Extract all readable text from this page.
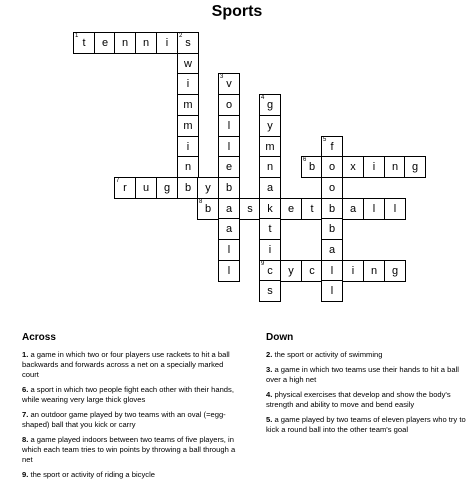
Sports
1
t	e	n	n	i
2
s
w
i
3
v
m	o
4
g
m	l	y
i	l	m
5
f
n	e	n
6
b	o	x	i	n	g
7
r	u	g	b	y	b	a	o
8
b	a	s	k	e	t	b	a	l	l
a	t	b
l	i	a
l
9
c	y	c	l	i	n	g
s	l
Across	Down
1. a game in which two or four players use rackets to hit a ball backwards and forwards across a net on a specially marked court
6. a sport in which two people fight each other with their hands, while wearing very large thick gloves
7. an outdoor game played by two teams with an oval (=egg-shaped) ball that you kick or carry
8. a game played indoors between two teams of five players, in which each team tries to win points by throwing a ball through a net
9. the sport or activity of riding a bicycle
2. the sport or activity of swimming
3. a game in which two teams use their hands to hit a ball over a high net
4. physical exercises that develop and show the body's strength and ability to move and bend easily
5. a game played by two teams of eleven players who try to kick a round ball into the other team's goal
